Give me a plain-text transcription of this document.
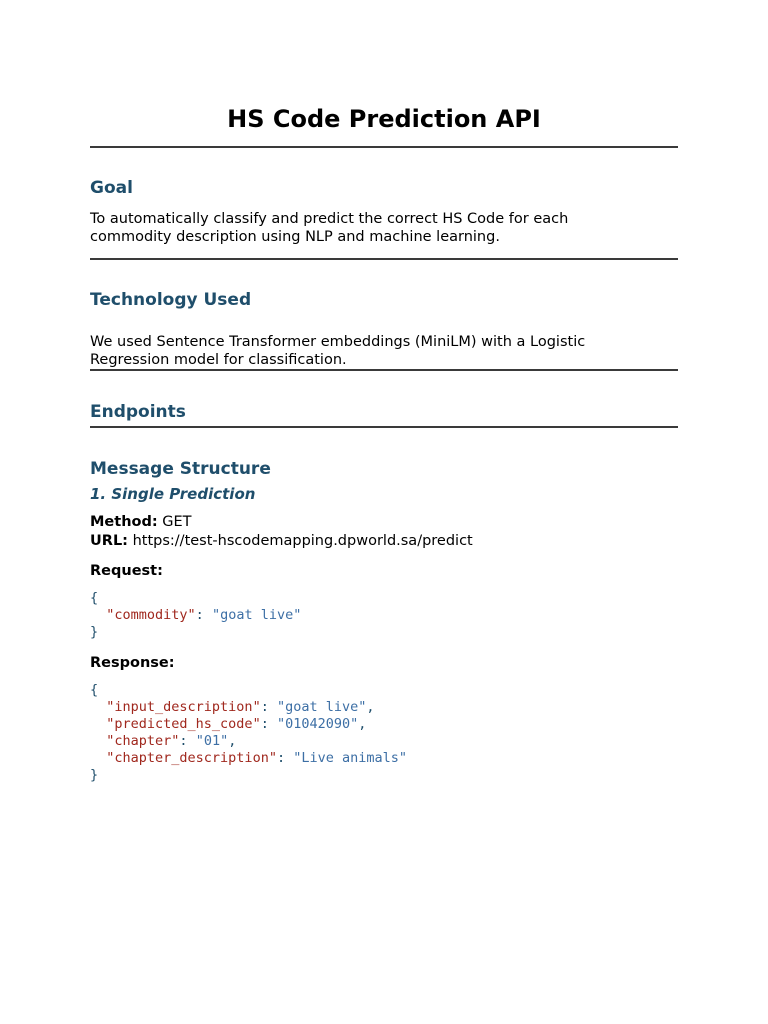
HS Code Prediction API
Goal

To automatically classify and predict the correct HS Code for each
commodity description using NLP and machine learning.

Technology Used

We used Sentence Transformer embeddings (MiniLM) with a Logistic
Regression model for classification.

Endpoints
Message Structure
1. Single Prediction

Method: GET

URL: https://test-hscodemapping.dpworld.sa/predict

Request:

{
"commodity": "goat live"
}

Response:

{
"input_description": "goat live",
"predicted_hs_code": "01042090",
"chapter": "01",
"chapter_description": "Live animals"
}
